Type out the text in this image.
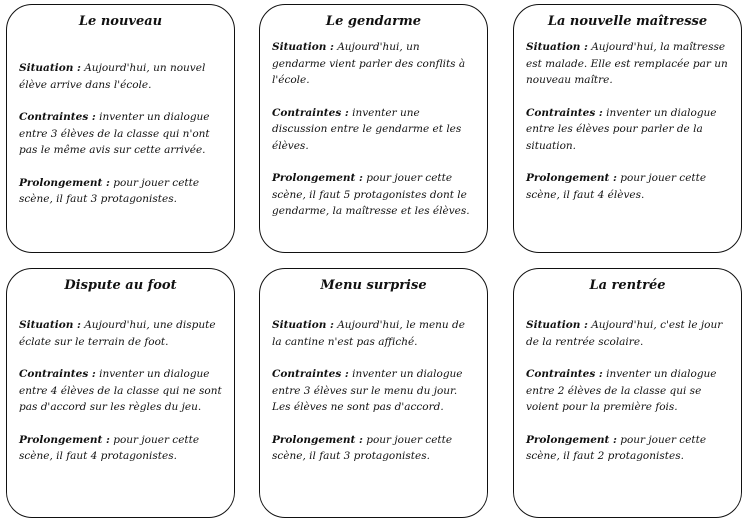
Le nouveau

Situation : Aujourd'hui, un nouvel élève arrive dans l'école.

Contraintes : inventer un dialogue entre 3 élèves de la classe qui n'ont pas le même avis sur cette arrivée.

Prolongement : pour jouer cette scène, il faut 3 protagonistes.

Le gendarme

Situation : Aujourd'hui, un gendarme vient parler des conflits à l'école.

Contraintes : inventer une discussion entre le gendarme et les élèves.

Prolongement : pour jouer cette scène, il faut 5 protagonistes dont le gendarme, la maîtresse et les élèves.

La nouvelle maîtresse

Situation : Aujourd'hui, la maîtresse est malade. Elle est remplacée par un nouveau maître.

Contraintes : inventer un dialogue entre les élèves pour parler de la situation.

Prolongement : pour jouer cette scène, il faut 4 élèves.

Dispute au foot

Situation : Aujourd'hui, une dispute éclate sur le terrain de foot.

Contraintes : inventer un dialogue entre 4 élèves de la classe qui ne sont pas d'accord sur les règles du jeu.

Prolongement : pour jouer cette scène, il faut 4 protagonistes.

Menu surprise

Situation : Aujourd'hui, le menu de la cantine n'est pas affiché.

Contraintes : inventer un dialogue entre 3 élèves sur le menu du jour. Les élèves ne sont pas d'accord.

Prolongement : pour jouer cette scène, il faut 3 protagonistes.

La rentrée

Situation : Aujourd'hui, c'est le jour de la rentrée scolaire.

Contraintes : inventer un dialogue entre 2 élèves de la classe qui se voient pour la première fois.

Prolongement : pour jouer cette scène, il faut 2 protagonistes.
